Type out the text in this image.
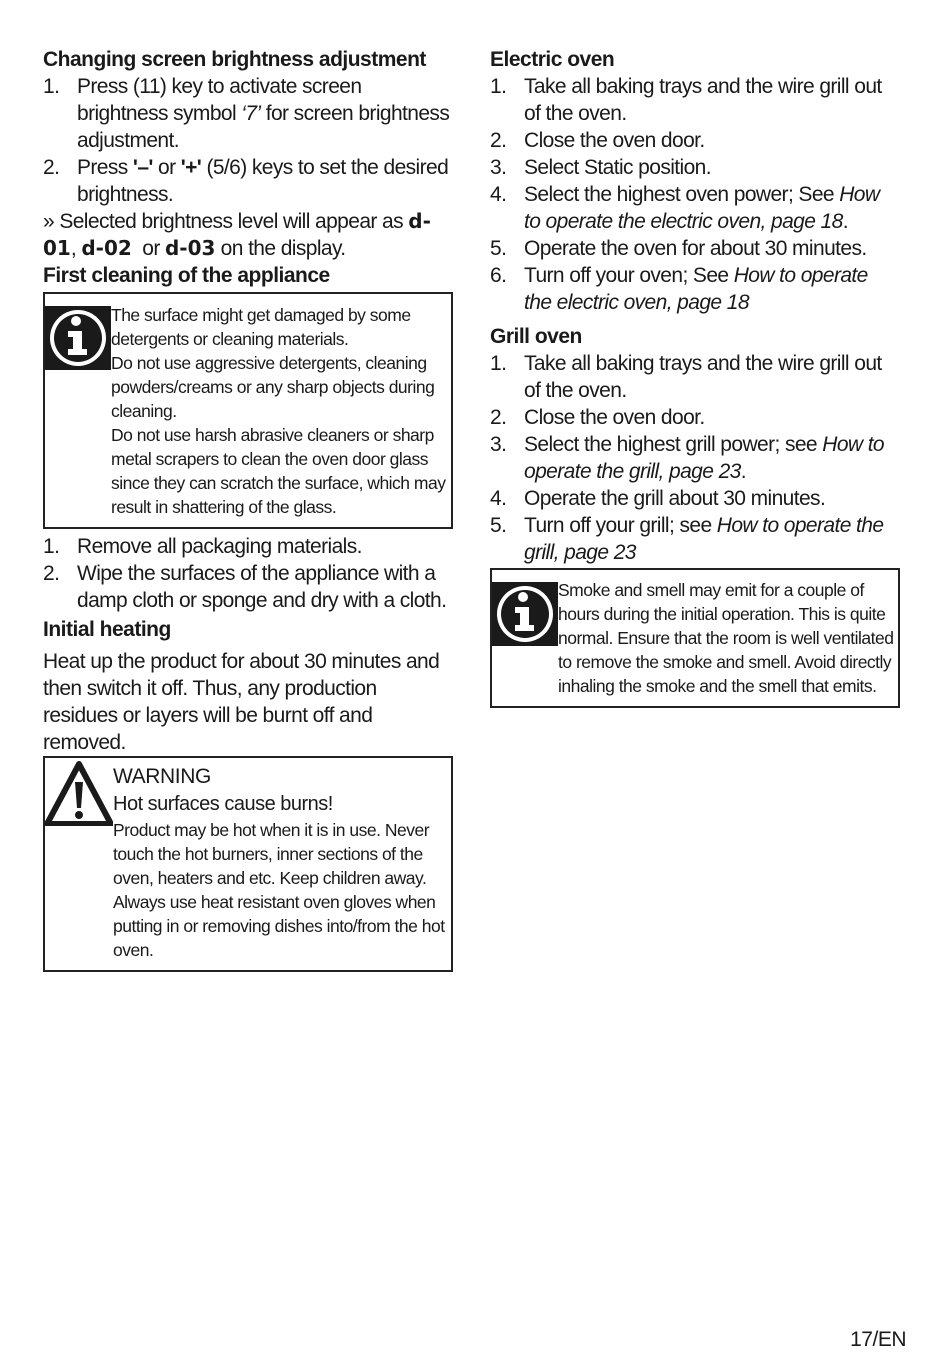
Changing screen brightness adjustment
1. Press (11) key to activate screen brightness symbol ‘7’ for screen brightness adjustment.
2. Press '–' or '+' (5/6) keys to set the desired brightness.

» Selected brightness level will appear as d-01, d-02  or d-03 on the display.

First cleaning of the appliance
The surface might get damaged by some detergents or cleaning materials.
Do not use aggressive detergents, cleaning powders/creams or any sharp objects during cleaning.
Do not use harsh abrasive cleaners or sharp metal scrapers to clean the oven door glass since they can scratch the surface, which may result in shattering of the glass.
1. Remove all packaging materials.
2. Wipe the surfaces of the appliance with a damp cloth or sponge and dry with a cloth.
Initial heating

Heat up the product for about 30 minutes and then switch it off. Thus, any production residues or layers will be burnt off and removed.

WARNING
Hot surfaces cause burns!
Product may be hot when it is in use. Never touch the hot burners, inner sections of the oven, heaters and etc. Keep children away. Always use heat resistant oven gloves when putting in or removing dishes into/from the hot oven.
Electric oven
1. Take all baking trays and the wire grill out of the oven.
2. Close the oven door.
3. Select Static position.
4. Select the highest oven power; See How to operate the electric oven, page 18.
5. Operate the oven for about 30 minutes.
6. Turn off your oven; See How to operate the electric oven, page 18
Grill oven
1. Take all baking trays and the wire grill out of the oven.
2. Close the oven door.
3. Select the highest grill power; see How to operate the grill, page 23.
4. Operate the grill about 30 minutes.
5. Turn off your grill; see How to operate the grill, page 23
Smoke and smell may emit for a couple of hours during the initial operation. This is quite normal. Ensure that the room is well ventilated to remove the smoke and smell. Avoid directly inhaling the smoke and the smell that emits.
17/EN
